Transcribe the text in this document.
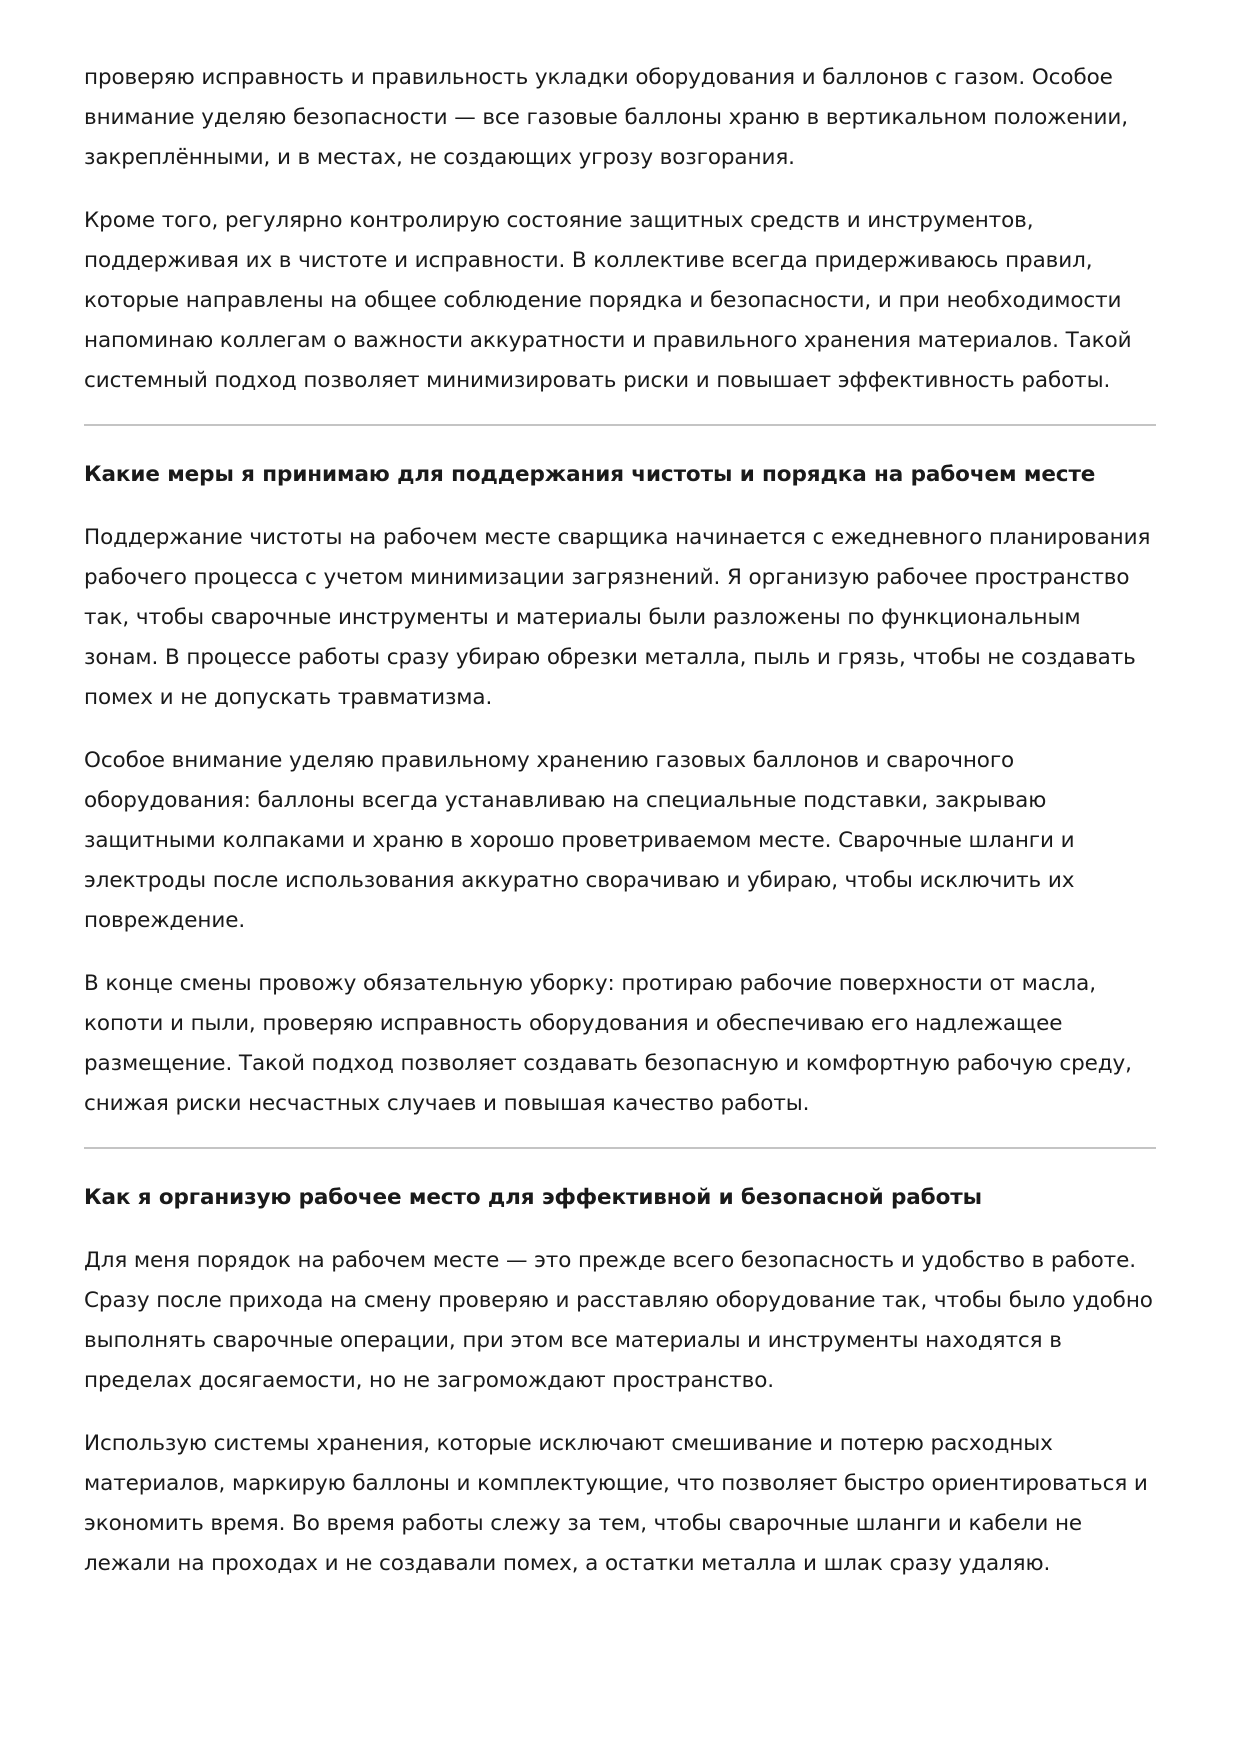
проверяю исправность и правильность укладки оборудования и баллонов с газом. Особое внимание уделяю безопасности — все газовые баллоны храню в вертикальном положении, закреплёнными, и в местах, не создающих угрозу возгорания.

Кроме того, регулярно контролирую состояние защитных средств и инструментов, поддерживая их в чистоте и исправности. В коллективе всегда придерживаюсь правил, которые направлены на общее соблюдение порядка и безопасности, и при необходимости напоминаю коллегам о важности аккуратности и правильного хранения материалов. Такой системный подход позволяет минимизировать риски и повышает эффективность работы.

Какие меры я принимаю для поддержания чистоты и порядка на рабочем месте

Поддержание чистоты на рабочем месте сварщика начинается с ежедневного планирования рабочего процесса с учетом минимизации загрязнений. Я организую рабочее пространство так, чтобы сварочные инструменты и материалы были разложены по функциональным зонам. В процессе работы сразу убираю обрезки металла, пыль и грязь, чтобы не создавать помех и не допускать травматизма.

Особое внимание уделяю правильному хранению газовых баллонов и сварочного оборудования: баллоны всегда устанавливаю на специальные подставки, закрываю защитными колпаками и храню в хорошо проветриваемом месте. Сварочные шланги и электроды после использования аккуратно сворачиваю и убираю, чтобы исключить их повреждение.

В конце смены провожу обязательную уборку: протираю рабочие поверхности от масла, копоти и пыли, проверяю исправность оборудования и обеспечиваю его надлежащее размещение. Такой подход позволяет создавать безопасную и комфортную рабочую среду, снижая риски несчастных случаев и повышая качество работы.

Как я организую рабочее место для эффективной и безопасной работы

Для меня порядок на рабочем месте — это прежде всего безопасность и удобство в работе. Сразу после прихода на смену проверяю и расставляю оборудование так, чтобы было удобно выполнять сварочные операции, при этом все материалы и инструменты находятся в пределах досягаемости, но не загромождают пространство.

Использую системы хранения, которые исключают смешивание и потерю расходных материалов, маркирую баллоны и комплектующие, что позволяет быстро ориентироваться и экономить время. Во время работы слежу за тем, чтобы сварочные шланги и кабели не лежали на проходах и не создавали помех, а остатки металла и шлак сразу удаляю.
